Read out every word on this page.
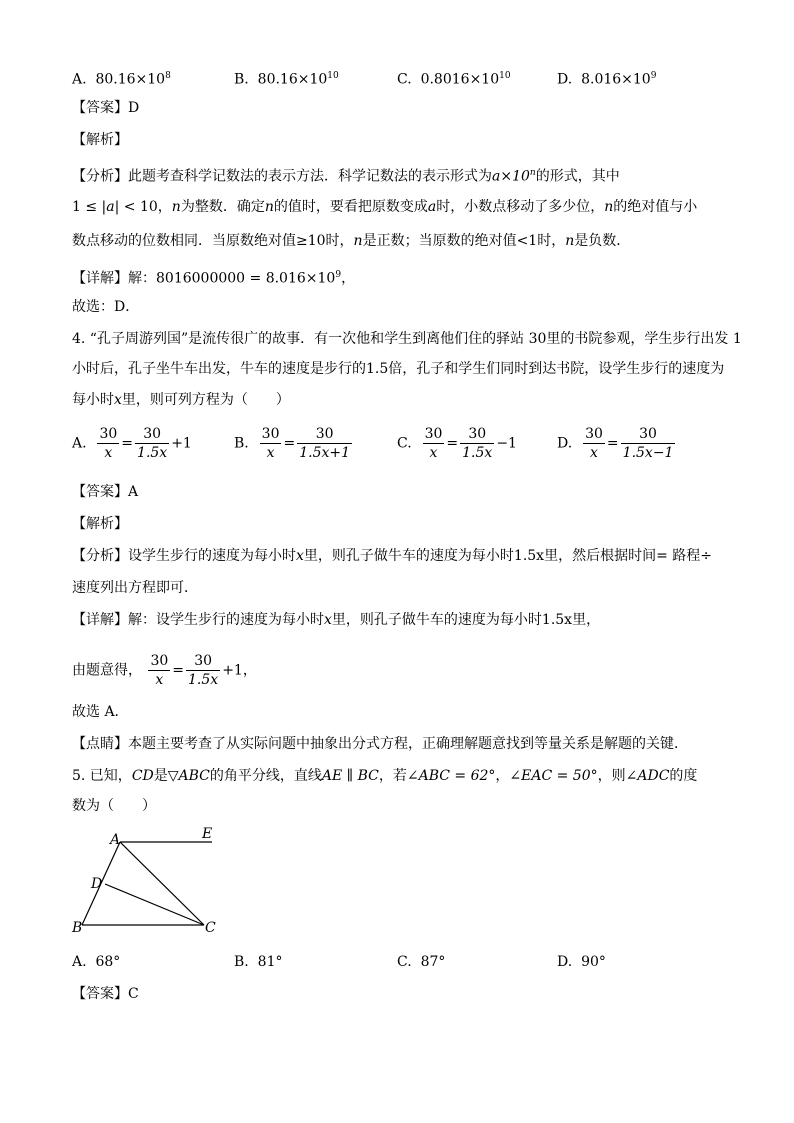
A. $80.16\times 10^8$	B. $80.16\times 10^{10}$	C. $0.8016\times 10^{10}$	D. $8.016\times 10^9$
【答案】D
【解析】
【分析】此题考查科学记数法的表示方法．科学记数法的表示形式为$a\times 10^n$的形式，其中
1 ≤ |a| < 10，n为整数．确定n的值时，要看把原数变成a时，小数点移动了多少位，n的绝对值与小
数点移动的位数相同．当原数绝对值≥10时，n是正数；当原数的绝对值<1时，n是负数．
【详解】解：$8016000000 = 8.016\times 10^9$，
故选：D．
4. “孔子周游列国”是流传很广的故事．有一次他和学生到离他们住的驿站 30里的书院参观，学生步行出发 1
小时后，孔子坐牛车出发，牛车的速度是步行的1.5倍，孔子和学生们同时到达书院，设学生步行的速度为
每小时x里，则可列方程为（　　）
A. $\frac{30}{x} = \frac{30}{1.5x} +1$	B. $\frac{30}{x} = \frac{30}{1.5x+1}$	C. $\frac{30}{x} = \frac{30}{1.5x} -1$	D. $\frac{30}{x} = \frac{30}{1.5x-1}$
【答案】A
【解析】
【分析】设学生步行的速度为每小时x里，则孔子做牛车的速度为每小时1.5x里，然后根据时间= 路程÷
速度列出方程即可．
【详解】解：设学生步行的速度为每小时x里，则孔子做牛车的速度为每小时1.5x里，
由题意得， $\frac{30}{x} = \frac{30}{1.5x} +1$，
故选 A．
【点睛】本题主要考查了从实际问题中抽象出分式方程，正确理解题意找到等量关系是解题的关键．
5. 已知，CD是▽ABC的角平分线，直线AE ∥ BC，若∠ABC = 62°，∠EAC = 50°，则∠ADC的度
数为（　　）
A	E
D
B	C
A. 68°	B. 81°	C. 87°	D. 90°
【答案】C
